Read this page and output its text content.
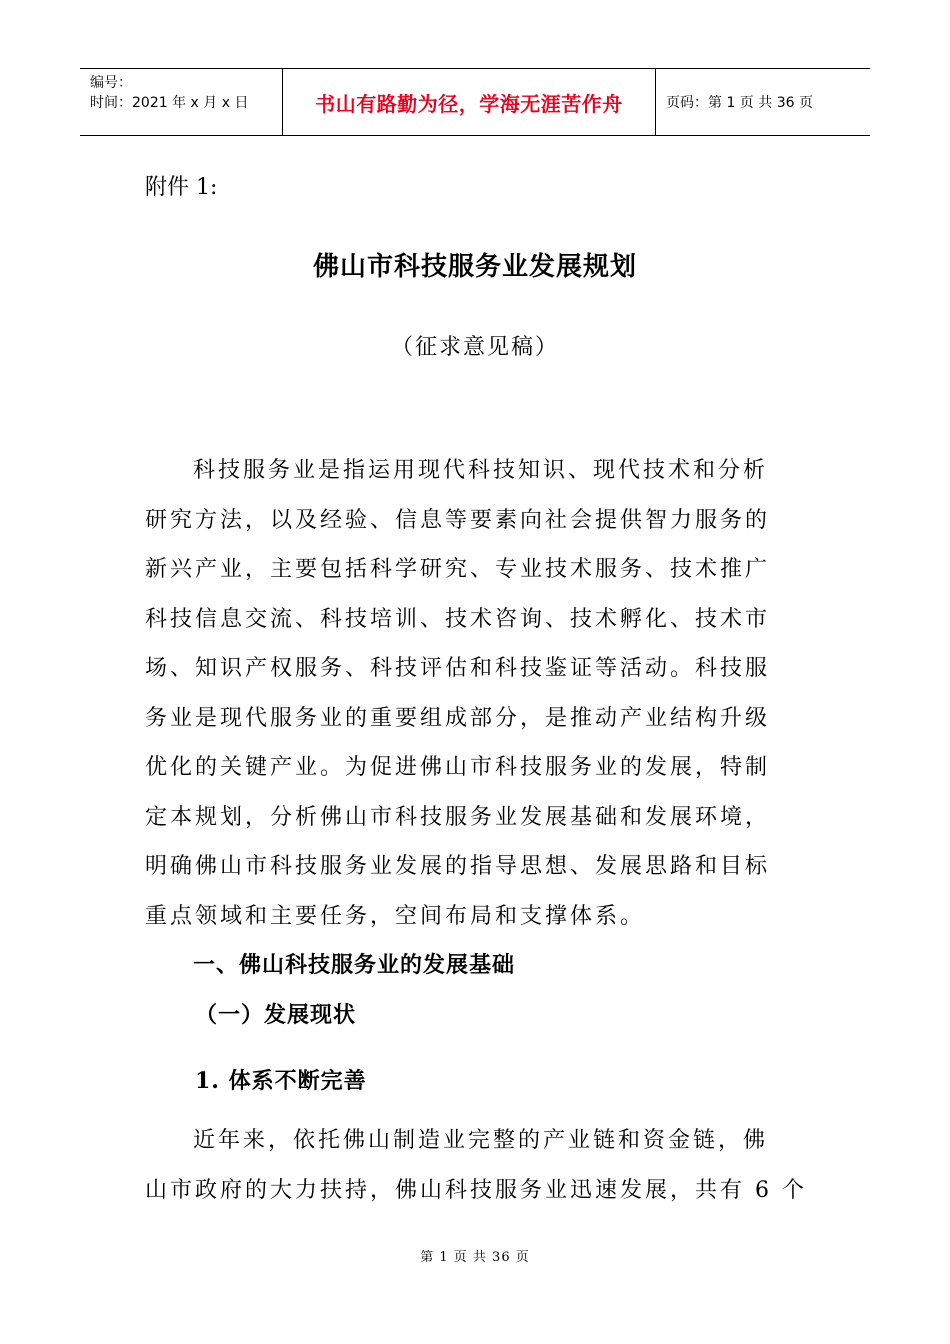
编号：
时间：2021 年 x 月 x 日	书山有路勤为径，学海无涯苦作舟	页码：第 1 页 共 36 页
附件 1:
佛山市科技服务业发展规划
（征求意见稿）
科技服务业是指运用现代科技知识、现代技术和分析
研究方法，以及经验、信息等要素向社会提供智力服务的
新兴产业，主要包括科学研究、专业技术服务、技术推广
科技信息交流、科技培训、技术咨询、技术孵化、技术市
场、知识产权服务、科技评估和科技鉴证等活动。科技服
务业是现代服务业的重要组成部分，是推动产业结构升级
优化的关键产业。为促进佛山市科技服务业的发展，特制
定本规划，分析佛山市科技服务业发展基础和发展环境，
明确佛山市科技服务业发展的指导思想、发展思路和目标
重点领域和主要任务，空间布局和支撑体系。
一、佛山科技服务业的发展基础
（一）发展现状
1. 体系不断完善
近年来，依托佛山制造业完整的产业链和资金链，佛
山市政府的大力扶持，佛山科技服务业迅速发展，共有 6 个
第 1 页 共 36 页
